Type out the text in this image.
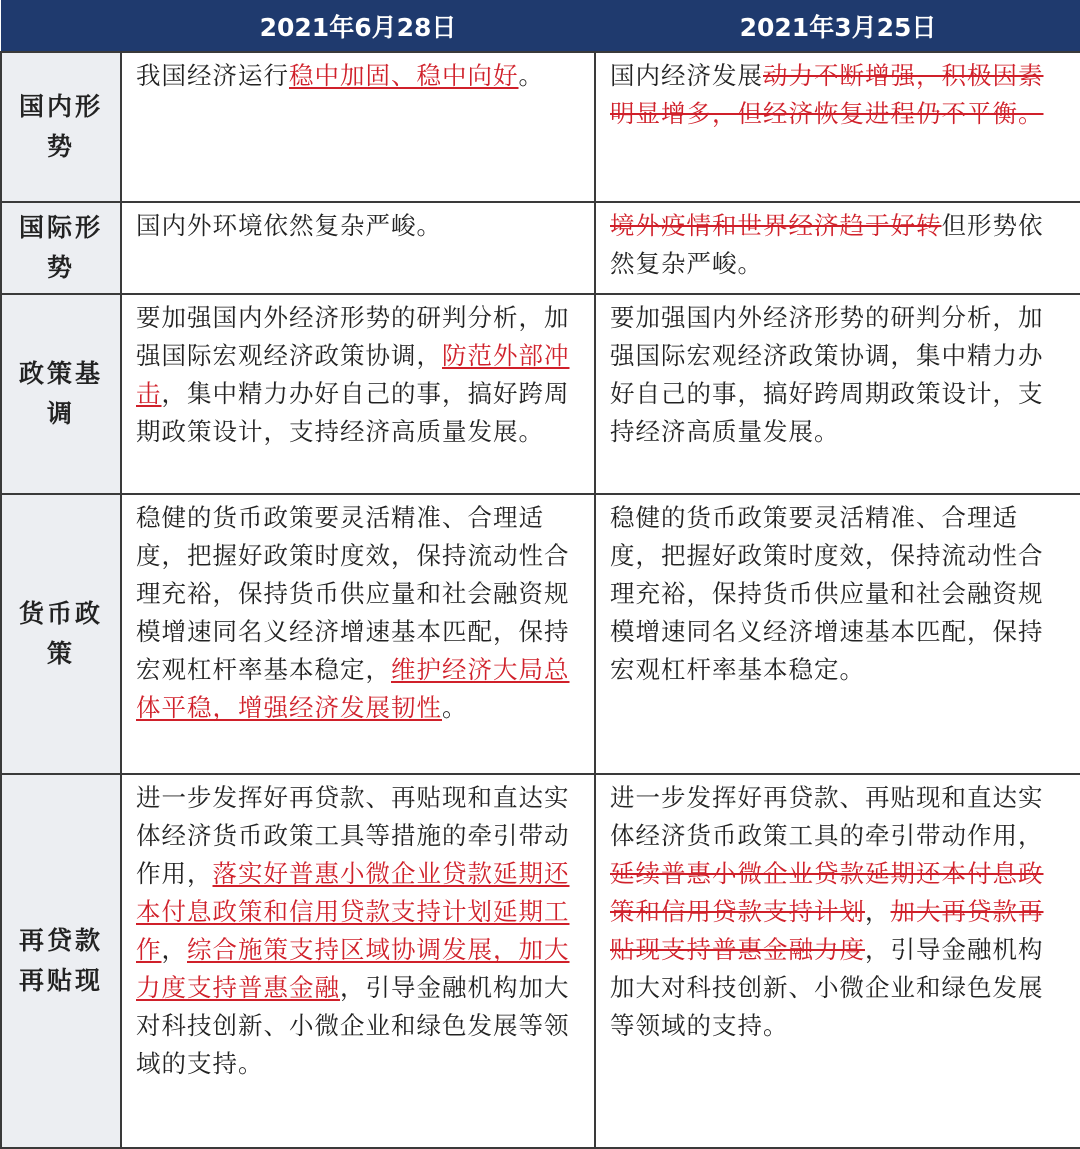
	2021年6月28日	2021年3月25日
国内形势	我国经济运行稳中加固、稳中向好。	国内经济发展动力不断增强，积极因素明显增多，但经济恢复进程仍不平衡。
国际形势	国内外环境依然复杂严峻。	境外疫情和世界经济趋于好转但形势依然复杂严峻。
政策基调	要加强国内外经济形势的研判分析，加强国际宏观经济政策协调，防范外部冲击，集中精力办好自己的事，搞好跨周期政策设计，支持经济高质量发展。	要加强国内外经济形势的研判分析，加强国际宏观经济政策协调，集中精力办好自己的事，搞好跨周期政策设计，支持经济高质量发展。
货币政策	稳健的货币政策要灵活精准、合理适度，把握好政策时度效，保持流动性合理充裕，保持货币供应量和社会融资规模增速同名义经济增速基本匹配，保持宏观杠杆率基本稳定，维护经济大局总体平稳，增强经济发展韧性。	稳健的货币政策要灵活精准、合理适度，把握好政策时度效，保持流动性合理充裕，保持货币供应量和社会融资规模增速同名义经济增速基本匹配，保持宏观杠杆率基本稳定。
再贷款再贴现	进一步发挥好再贷款、再贴现和直达实体经济货币政策工具等措施的牵引带动作用，落实好普惠小微企业贷款延期还本付息政策和信用贷款支持计划延期工作，综合施策支持区域协调发展，加大力度支持普惠金融，引导金融机构加大对科技创新、小微企业和绿色发展等领域的支持。	进一步发挥好再贷款、再贴现和直达实体经济货币政策工具的牵引带动作用，延续普惠小微企业贷款延期还本付息政策和信用贷款支持计划，加大再贷款再贴现支持普惠金融力度，引导金融机构加大对科技创新、小微企业和绿色发展等领域的支持。
